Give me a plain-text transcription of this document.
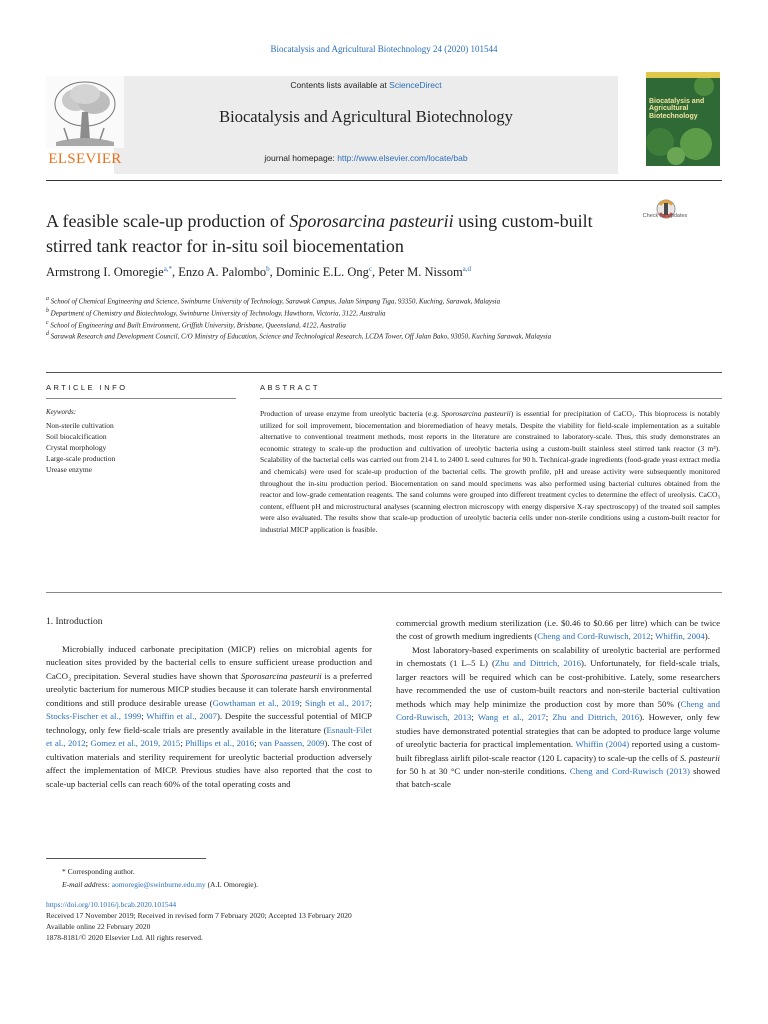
Biocatalysis and Agricultural Biotechnology 24 (2020) 101544
Contents lists available at ScienceDirect
Biocatalysis and Agricultural Biotechnology
journal homepage: http://www.elsevier.com/locate/bab
ELSEVIER
Biocatalysis and Agricultural Biotechnology
A feasible scale-up production of Sporosarcina pasteurii using custom-built stirred tank reactor for in-situ soil biocementation
Check for updates
Armstrong I. Omoregie$^{a,*}$, Enzo A. Palombo$^b$, Dominic E.L. Ong$^c$, Peter M. Nissom$^{a,d}$
$^a$ School of Chemical Engineering and Science, Swinburne University of Technology, Sarawak Campus, Jalan Simpang Tiga, 93350, Kuching, Sarawak, Malaysia
$^b$ Department of Chemistry and Biotechnology, Swinburne University of Technology, Hawthorn, Victoria, 3122, Australia
$^c$ School of Engineering and Built Environment, Griffith University, Brisbane, Queensland, 4122, Australia
$^d$ Sarawak Research and Development Council, C/O Ministry of Education, Science and Technological Research, LCDA Tower, Off Jalan Bako, 93050, Kuching Sarawak, Malaysia
ARTICLE INFO
Keywords:
Non-sterile cultivation
Soil biocalcification
Crystal morphology
Large-scale production
Urease enzyme
ABSTRACT
Production of urease enzyme from ureolytic bacteria (e.g. Sporosarcina pasteurii) is essential for precipitation of CaCO₃. This bioprocess is notably utilized for soil improvement, biocementation and bioremediation of heavy metals. Despite the viability for field-scale implementation as a suitable alternative to conventional treatment methods, most reports in the literature are constrained to laboratory-scale. Thus, this study demonstrates an economic strategy to scale-up the production and cultivation of ureolytic bacteria using a custom-built stainless steel stirred tank reactor (3 m³). Scalability of the bacterial cells was carried out from 214 L to 2400 L seed cultures for 90 h. Technical-grade ingredients (food-grade yeast extract media and chemicals) were used for scale-up production of the bacterial cells. The growth profile, pH and urease activity were subsequently monitored throughout the in-situ production period. Biocementation on sand mould specimens was also performed using bacterial cultures obtained from the reactor and low-grade cementation reagents. The sand columns were grouped into different treatment cycles to determine the effect of ureolysis. CaCO₃ content, effluent pH and microstructural analyses (scanning electron microscopy with energy dispersive X-ray spectroscopy) of the treated soil samples were also evaluated. The results show that scale-up production of ureolytic bacteria cells under non-sterile conditions using a custom-built reactor for industrial MICP application is feasible.
1. Introduction

Microbially induced carbonate precipitation (MICP) relies on microbial agents for nucleation sites provided by the bacterial cells to ensure sufficient urease production and CaCO₃ precipitation. Several studies have shown that Sporosarcina pasteurii is a preferred ureolytic bacterium for numerous MICP studies because it can tolerate harsh environmental conditions and still produce desirable urease (Gowthaman et al., 2019; Singh et al., 2017; Stocks-Fischer et al., 1999; Whiffin et al., 2007). Despite the successful potential of MICP technology, only few field-scale trials are presently available in the literature (Esnault-Filet et al., 2012; Gomez et al., 2019, 2015; Phillips et al., 2016; van Paassen, 2009). The cost of cultivation materials and sterility requirement for ureolytic bacterial production adversely affect the implementation of MICP. Previous studies have also reported that the cost to scale-up bacterial cells can reach 60% of the total operating costs and

commercial growth medium sterilization (i.e. $0.46 to $0.66 per litre) which can be twice the cost of growth medium ingredients (Cheng and Cord-Ruwisch, 2012; Whiffin, 2004).

Most laboratory-based experiments on scalability of ureolytic bacterial are performed in chemostats (1 L–5 L) (Zhu and Dittrich, 2016). Unfortunately, for field-scale trials, larger reactors will be required which can be cost-prohibitive. Lately, some researchers have recommended the use of custom-built reactors and non-sterile bacterial cultivation methods which may help minimize the production cost by more than 50% (Cheng and Cord-Ruwisch, 2013; Wang et al., 2017; Zhu and Dittrich, 2016). However, only few studies have demonstrated potential strategies that can be adopted to produce large volume of ureolytic bacteria for practical implementation. Whiffin (2004) reported using a custom-built fibreglass airlift pilot-scale reactor (120 L capacity) to scale-up the cells of S. pasteurii for 50 h at 30 °C under non-sterile conditions. Cheng and Cord-Ruwisch (2013) showed that batch-scale

* Corresponding author.
E-mail address: aomoregie@swinburne.edu.my (A.I. Omoregie).
https://doi.org/10.1016/j.bcab.2020.101544
Received 17 November 2019; Received in revised form 7 February 2020; Accepted 13 February 2020
Available online 22 February 2020
1878-8181/© 2020 Elsevier Ltd. All rights reserved.
